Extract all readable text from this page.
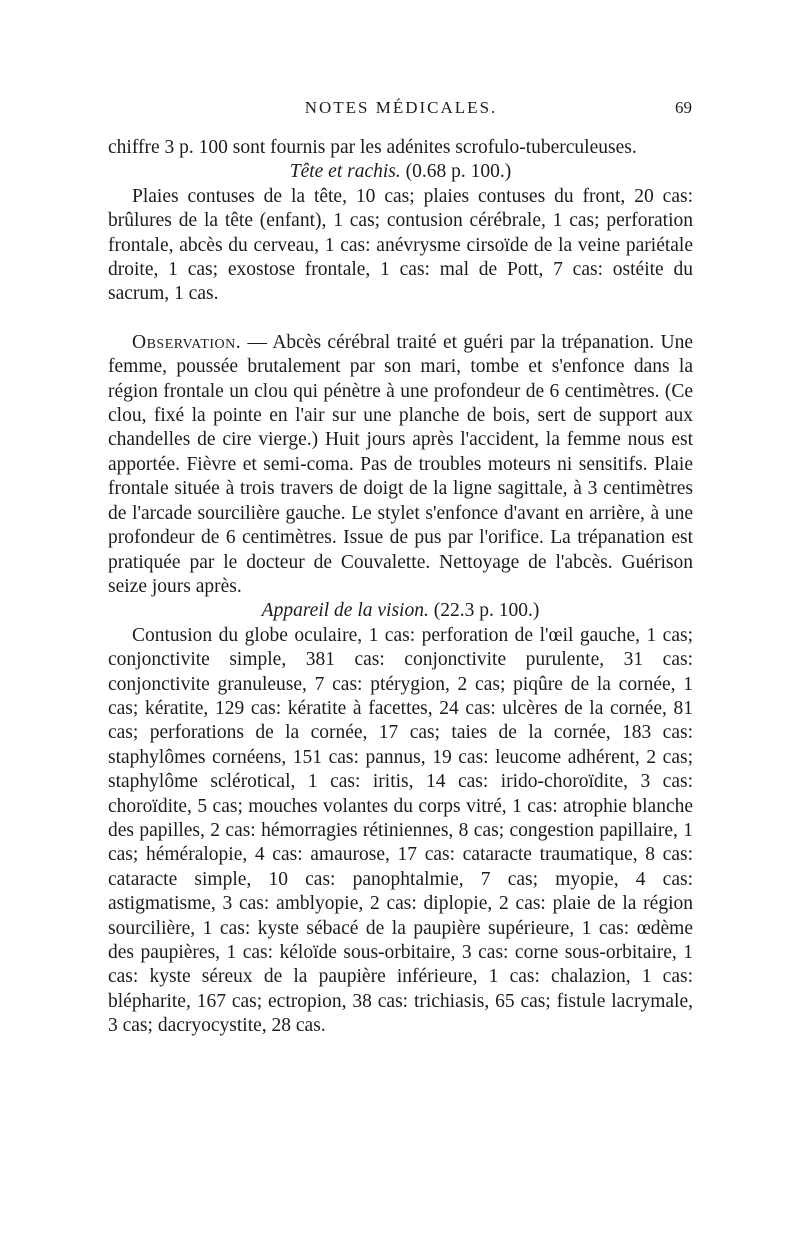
NOTES MÉDICALES.	69

chiffre 3 p. 100 sont fournis par les adénites scrofulo-tuberculeuses.

Tête et rachis. (0.68 p. 100.)

Plaies contuses de la tête, 10 cas; plaies contuses du front, 20 cas: brûlures de la tête (enfant), 1 cas; contusion cérébrale, 1 cas; perforation frontale, abcès du cerveau, 1 cas: anévrysme cirsoïde de la veine pariétale droite, 1 cas; exostose frontale, 1 cas: mal de Pott, 7 cas: ostéite du sacrum, 1 cas.

Observation. — Abcès cérébral traité et guéri par la trépanation. Une femme, poussée brutalement par son mari, tombe et s'enfonce dans la région frontale un clou qui pénètre à une profondeur de 6 centimètres. (Ce clou, fixé la pointe en l'air sur une planche de bois, sert de support aux chandelles de cire vierge.) Huit jours après l'accident, la femme nous est apportée. Fièvre et semi-coma. Pas de troubles moteurs ni sensitifs. Plaie frontale située à trois travers de doigt de la ligne sagittale, à 3 centimètres de l'arcade sourcilière gauche. Le stylet s'enfonce d'avant en arrière, à une profondeur de 6 centimètres. Issue de pus par l'orifice. La trépanation est pratiquée par le docteur de Couvalette. Nettoyage de l'abcès. Guérison seize jours après.

Appareil de la vision. (22.3 p. 100.)

Contusion du globe oculaire, 1 cas: perforation de l'œil gauche, 1 cas; conjonctivite simple, 381 cas: conjonctivite purulente, 31 cas: conjonctivite granuleuse, 7 cas: ptérygion, 2 cas; piqûre de la cornée, 1 cas; kératite, 129 cas: kératite à facettes, 24 cas: ulcères de la cornée, 81 cas; perforations de la cornée, 17 cas; taies de la cornée, 183 cas: staphylômes cornéens, 151 cas: pannus, 19 cas: leucome adhérent, 2 cas; staphylôme sclérotical, 1 cas: iritis, 14 cas: irido-choroïdite, 3 cas: choroïdite, 5 cas; mouches volantes du corps vitré, 1 cas: atrophie blanche des papilles, 2 cas: hémorragies rétiniennes, 8 cas; congestion papillaire, 1 cas; héméralopie, 4 cas: amaurose, 17 cas: cataracte traumatique, 8 cas: cataracte simple, 10 cas: panophtalmie, 7 cas; myopie, 4 cas: astigmatisme, 3 cas: amblyopie, 2 cas: diplopie, 2 cas: plaie de la région sourcilière, 1 cas: kyste sébacé de la paupière supérieure, 1 cas: œdème des paupières, 1 cas: kéloïde sous-orbitaire, 3 cas: corne sous-orbitaire, 1 cas: kyste séreux de la paupière inférieure, 1 cas: chalazion, 1 cas: blépharite, 167 cas; ectropion, 38 cas: trichiasis, 65 cas; fistule lacrymale, 3 cas; dacryocystite, 28 cas.
